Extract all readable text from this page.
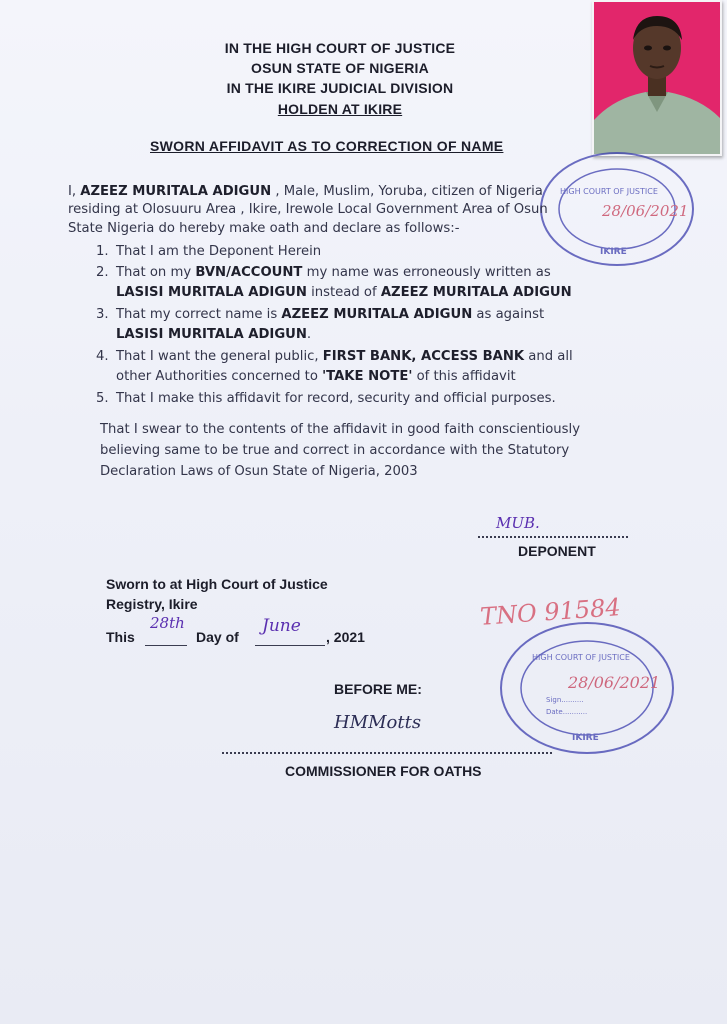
IN THE HIGH COURT OF JUSTICE
OSUN STATE OF NIGERIA
IN THE IKIRE JUDICIAL DIVISION
HOLDEN AT IKIRE
SWORN AFFIDAVIT AS TO CORRECTION OF NAME
HIGH COURT OF JUSTICE
IKIRE
28/06/2021
I, AZEEZ MURITALA ADIGUN , Male, Muslim, Yoruba, citizen of Nigeria
residing at Olosuuru Area , Ikire, Irewole Local Government Area of Osun
State Nigeria do hereby make oath and declare as follows:-
1. That I am the Deponent Herein
2. That on my BVN/ACCOUNT my name was erroneously written as
LASISI MURITALA ADIGUN instead of AZEEZ MURITALA ADIGUN
3. That my correct name is AZEEZ MURITALA ADIGUN as against
LASISI MURITALA ADIGUN.
4. That I want the general public, FIRST BANK, ACCESS BANK and all
other Authorities concerned to 'TAKE NOTE' of this affidavit
5. That I make this affidavit for record, security and official purposes.
That I swear to the contents of the affidavit in good faith conscientiously
believing same to be true and correct in accordance with the Statutory
Declaration Laws of Osun State of Nigeria, 2003
MUB.
DEPONENT
Sworn to at High Court of Justice
Registry, Ikire
This
28th
Day of
June
, 2021
BEFORE ME:
HMMotts
COMMISSIONER FOR OATHS
TNO 91584
HIGH COURT OF JUSTICE
Sign..........
Date...........
IKIRE
28/06/2021
